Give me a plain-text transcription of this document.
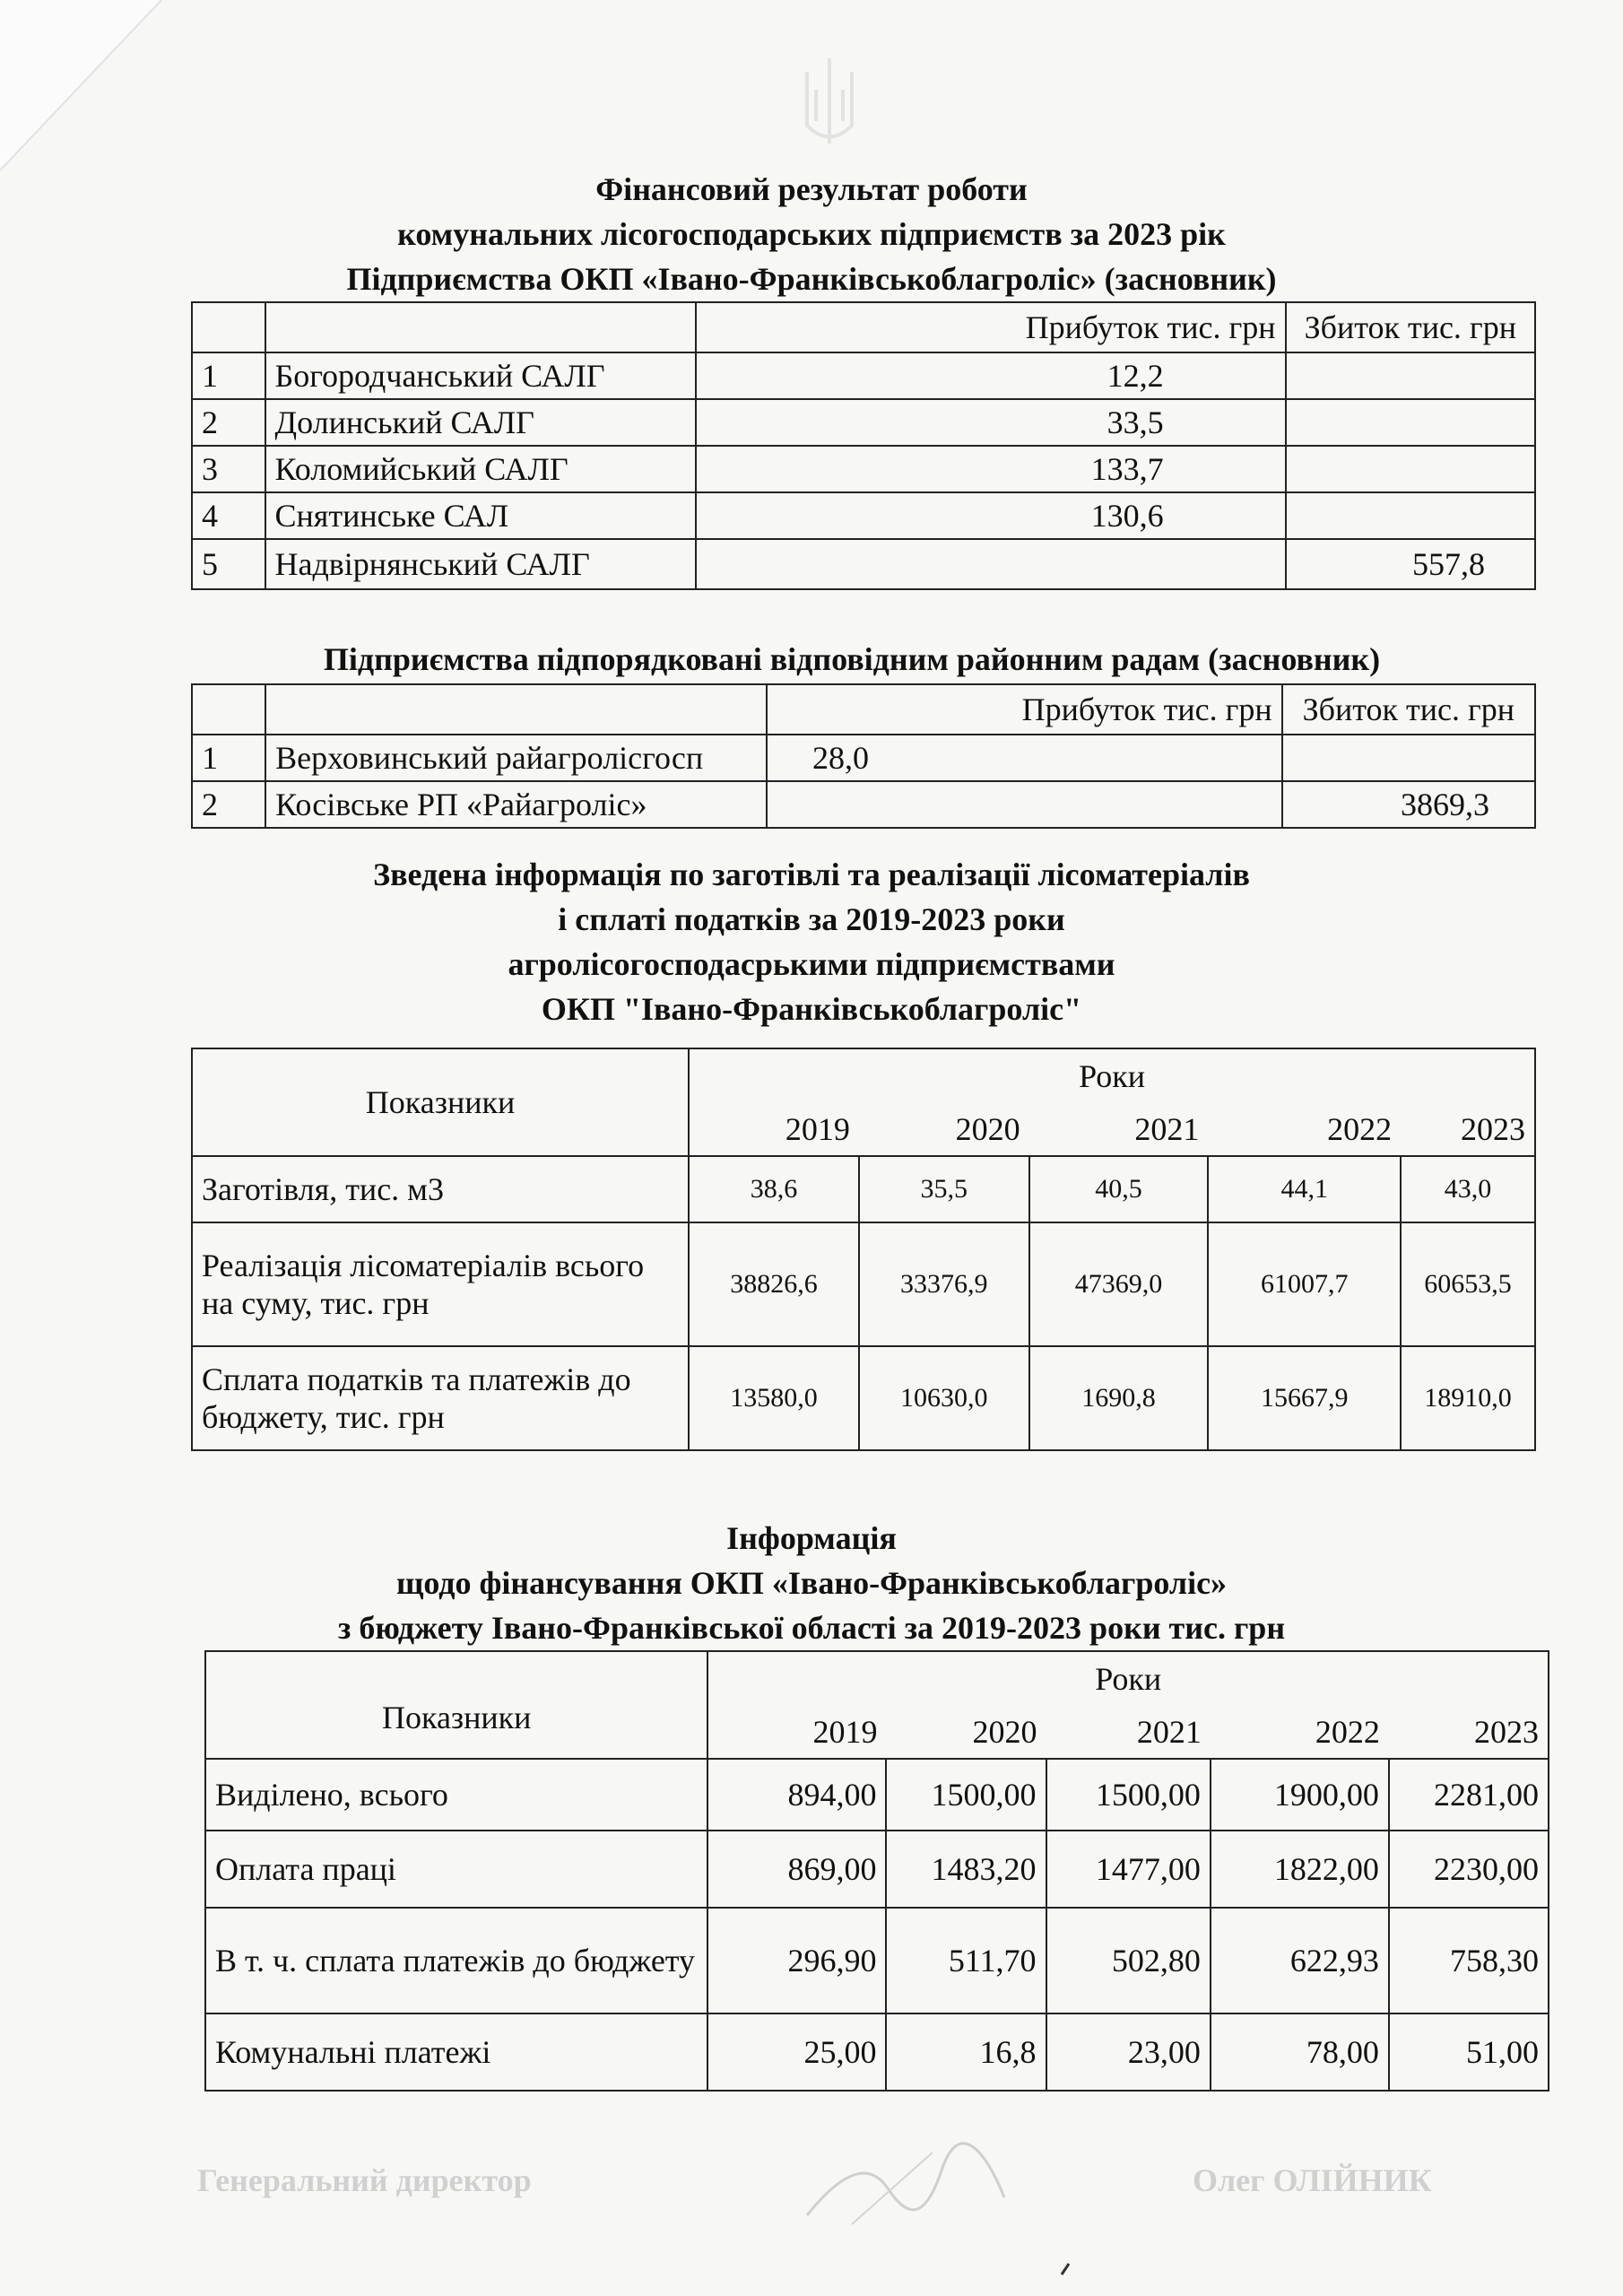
Генеральний директор	Олег ОЛІЙНИК
Фінансовий результат роботи
комунальних лісогосподарських підприємств за 2023 рік
Підприємства ОКП «Івано-Франківськоблагроліс» (засновник)
		Прибуток тис. грн	Збиток тис. грн
1	Богородчанський САЛГ	12,2	
2	Долинський САЛГ	33,5	
3	Коломийський САЛГ	133,7	
4	Снятинське САЛ	130,6	
5	Надвірнянський САЛГ		557,8
Підприємства підпорядковані відповідним районним радам (засновник)
		Прибуток тис. грн	Збиток тис. грн
1	Верховинський райагролісгосп	28,0	
2	Косівське РП «Райагроліс»		3869,3
Зведена інформація по заготівлі та реалізації лісоматеріалів
і сплаті податків за 2019-2023 роки
агролісогосподасрькими підприємствами
ОКП "Івано-Франківськоблагроліс"
Показники	Роки				
	2019	2020	2021	2022	2023
Заготівля, тис. м3	38,6	35,5	40,5	44,1	43,0
Реалізація лісоматеріалів всього на суму, тис. грн	38826,6	33376,9	47369,0	61007,7	60653,5
Сплата податків та платежів до бюджету, тис. грн	13580,0	10630,0	1690,8	15667,9	18910,0
Інформація
щодо фінансування ОКП «Івано-Франківськоблагроліс»
з бюджету Івано-Франківської області за 2019-2023 роки тис. грн
Показники	Роки				
	2019	2020	2021	2022	2023
Виділено, всього	894,00	1500,00	1500,00	1900,00	2281,00
Оплата праці	869,00	1483,20	1477,00	1822,00	2230,00
В т. ч. сплата платежів до бюджету	296,90	511,70	502,80	622,93	758,30
Комунальні платежі	25,00	16,8	23,00	78,00	51,00
